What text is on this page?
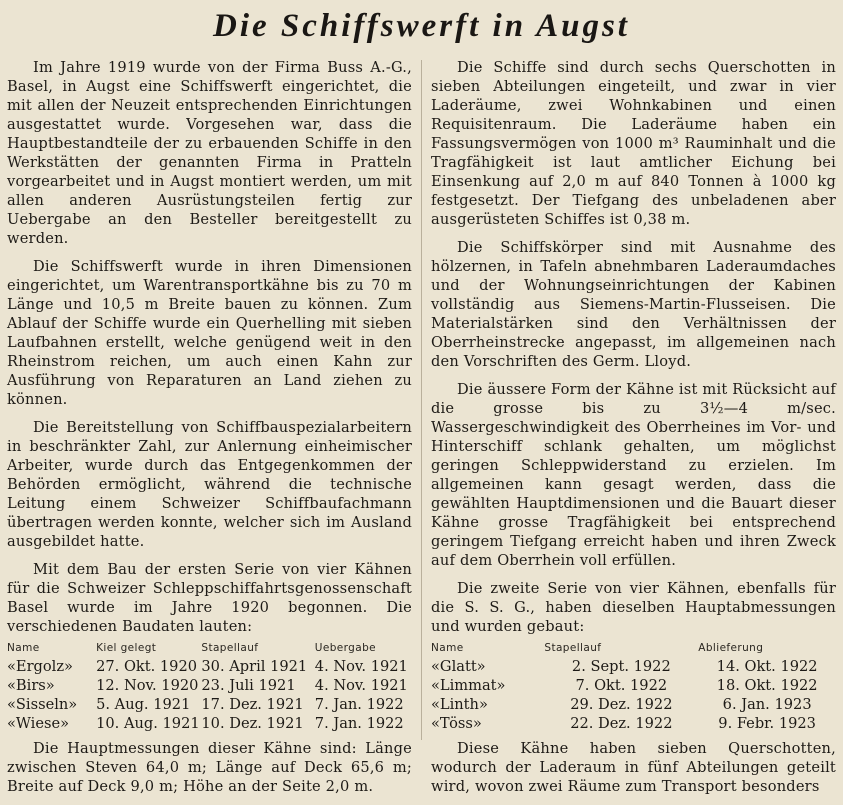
Die Schiffswerft in Augst

Im Jahre 1919 wurde von der Firma Buss A.-G., Basel, in Augst eine Schiffswerft eingerichtet, die mit allen der Neuzeit entsprechenden Einrichtungen ausgestattet wurde. Vorgesehen war, dass die Hauptbestandteile der zu erbauenden Schiffe in den Werkstätten der genannten Firma in Pratteln vorgearbeitet und in Augst montiert werden, um mit allen anderen Ausrüstungsteilen fertig zur Uebergabe an den Besteller bereitgestellt zu werden.

Die Schiffswerft wurde in ihren Dimensionen eingerichtet, um Warentransportkähne bis zu 70 m Länge und 10,5 m Breite bauen zu können. Zum Ablauf der Schiffe wurde ein Querhelling mit sieben Laufbahnen erstellt, welche genügend weit in den Rheinstrom reichen, um auch einen Kahn zur Ausführung von Reparaturen an Land ziehen zu können.

Die Bereitstellung von Schiffbauspezialarbeitern in beschränkter Zahl, zur Anlernung einheimischer Arbeiter, wurde durch das Entgegenkommen der Behörden ermöglicht, während die technische Leitung einem Schweizer Schiffbaufachmann übertragen werden konnte, welcher sich im Ausland ausgebildet hatte.

Mit dem Bau der ersten Serie von vier Kähnen für die Schweizer Schleppschiffahrtsgenossenschaft Basel wurde im Jahre 1920 begonnen. Die verschiedenen Baudaten lauten:

Name	Kiel gelegt	Stapellauf	Uebergabe
«Ergolz»	27. Okt. 1920	30. April 1921	4. Nov. 1921
«Birs»	12. Nov. 1920	23. Juli 1921	4. Nov. 1921
«Sisseln»	5. Aug. 1921	17. Dez. 1921	7. Jan. 1922
«Wiese»	10. Aug. 1921	10. Dez. 1921	7. Jan. 1922

Die Hauptmessungen dieser Kähne sind: Länge zwischen Steven 64,0 m; Länge auf Deck 65,6 m; Breite auf Deck 9,0 m; Höhe an der Seite 2,0 m.

Die Schiffe sind durch sechs Querschotten in sieben Abteilungen eingeteilt, und zwar in vier Laderäume, zwei Wohnkabinen und einen Requisitenraum. Die Laderäume haben ein Fassungsvermögen von 1000 m³ Rauminhalt und die Tragfähigkeit ist laut amtlicher Eichung bei Einsenkung auf 2,0 m auf 840 Tonnen à 1000 kg festgesetzt. Der Tiefgang des unbeladenen aber ausgerüsteten Schiffes ist 0,38 m.

Die Schiffskörper sind mit Ausnahme des hölzernen, in Tafeln abnehmbaren Laderaumdaches und der Wohnungseinrichtungen der Kabinen vollständig aus Siemens-Martin-Flusseisen. Die Materialstärken sind den Verhältnissen der Oberrheinstrecke angepasst, im allgemeinen nach den Vorschriften des Germ. Lloyd.

Die äussere Form der Kähne ist mit Rücksicht auf die grosse bis zu 3½—4 m/sec. Wassergeschwindigkeit des Oberrheines im Vor- und Hinterschiff schlank gehalten, um möglichst geringen Schleppwiderstand zu erzielen. Im allgemeinen kann gesagt werden, dass die gewählten Hauptdimensionen und die Bauart dieser Kähne grosse Tragfähigkeit bei entsprechend geringem Tiefgang erreicht haben und ihren Zweck auf dem Oberrhein voll erfüllen.

Die zweite Serie von vier Kähnen, ebenfalls für die S. S. G., haben dieselben Hauptabmessungen und wurden gebaut:

Name	Stapellauf	Ablieferung
«Glatt»	2. Sept. 1922	14. Okt. 1922
«Limmat»	7. Okt. 1922	18. Okt. 1922
«Linth»	29. Dez. 1922	6. Jan. 1923
«Töss»	22. Dez. 1922	9. Febr. 1923

Diese Kähne haben sieben Querschotten, wodurch der Laderaum in fünf Abteilungen geteilt wird, wovon zwei Räume zum Transport besonders
